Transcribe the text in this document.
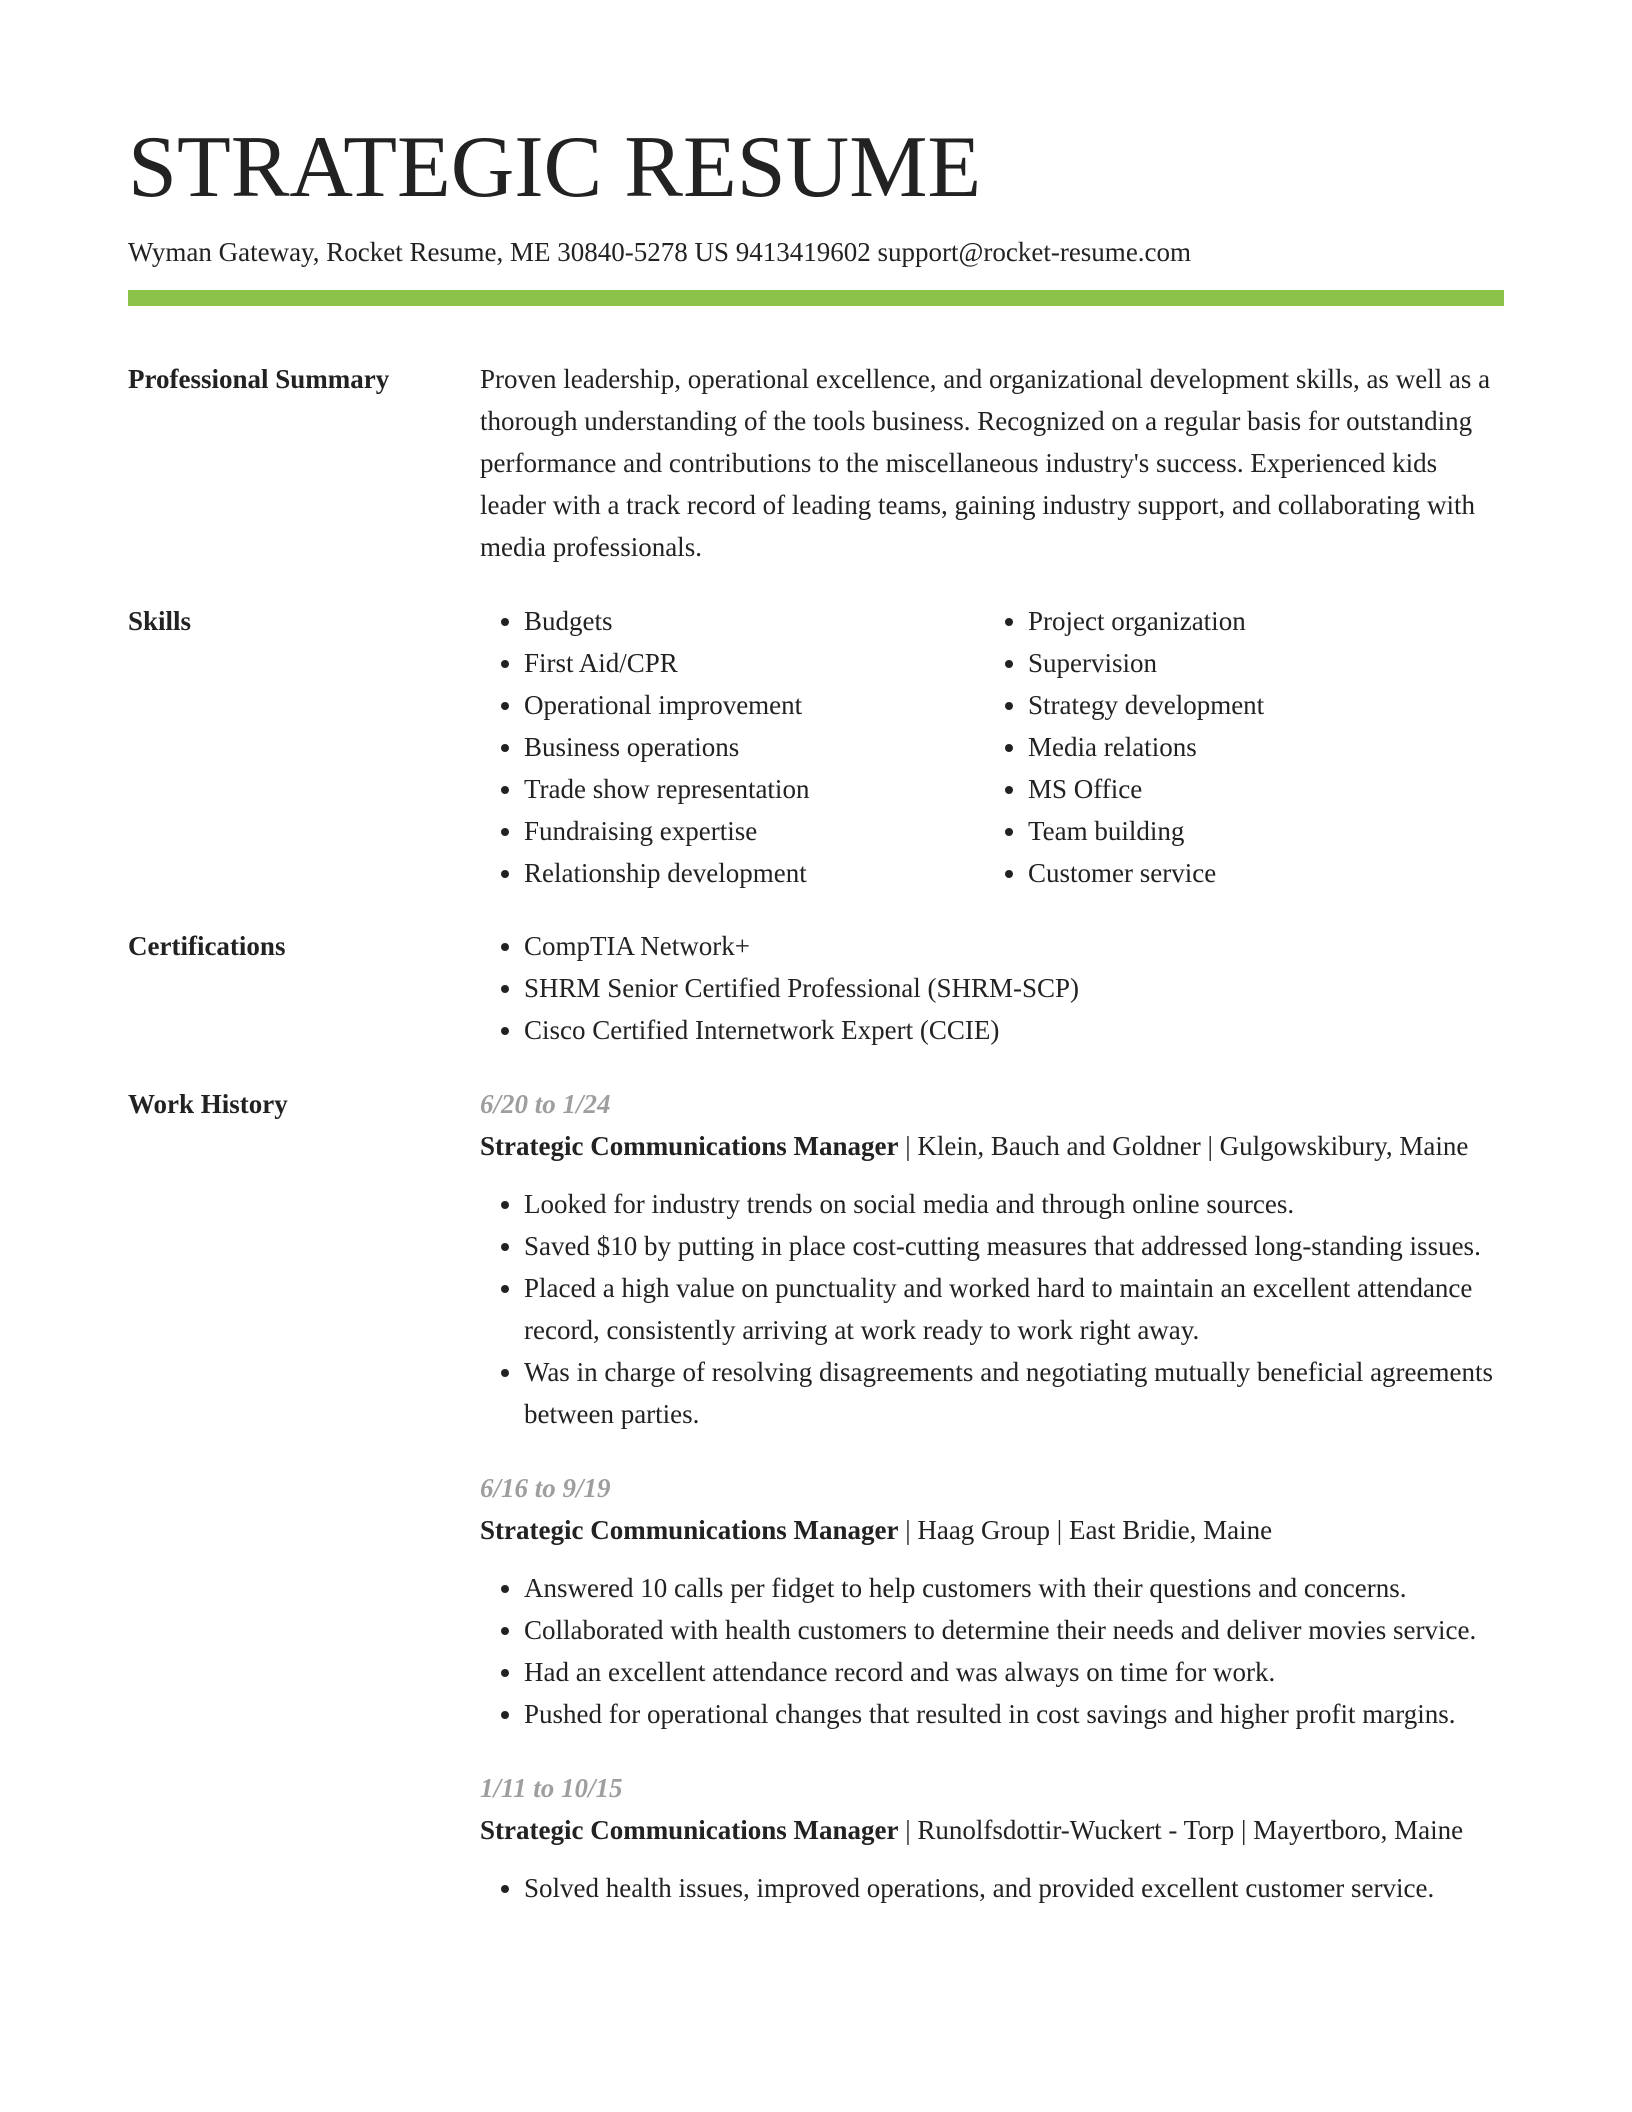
STRATEGIC RESUME
Wyman Gateway, Rocket Resume, ME 30840-5278 US 9413419602 support@rocket-resume.com
Professional Summary	Proven leadership, operational excellence, and organizational development skills, as well as a thorough understanding of the tools business. Recognized on a regular basis for outstanding performance and contributions to the miscellaneous industry's success. Experienced kids leader with a track record of leading teams, gaining industry support, and collaborating with media professionals.

Skills	• Budgets
• First Aid/CPR
• Operational improvement
• Business operations
• Trade show representation
• Fundraising expertise
• Relationship development
• Project organization
• Supervision
• Strategy development
• Media relations
• MS Office
• Team building
• Customer service
Certifications	• CompTIA Network+
• SHRM Senior Certified Professional (SHRM-SCP)
• Cisco Certified Internetwork Expert (CCIE)
Work History	6/20 to 1/24
Strategic Communications Manager | Klein, Bauch and Goldner | Gulgowskibury, Maine
• Looked for industry trends on social media and through online sources.
• Saved $10 by putting in place cost-cutting measures that addressed long-standing issues.
• Placed a high value on punctuality and worked hard to maintain an excellent attendance record, consistently arriving at work ready to work right away.
• Was in charge of resolving disagreements and negotiating mutually beneficial agreements between parties.
6/16 to 9/19
Strategic Communications Manager | Haag Group | East Bridie, Maine
• Answered 10 calls per fidget to help customers with their questions and concerns.
• Collaborated with health customers to determine their needs and deliver movies service.
• Had an excellent attendance record and was always on time for work.
• Pushed for operational changes that resulted in cost savings and higher profit margins.
1/11 to 10/15
Strategic Communications Manager | Runolfsdottir-Wuckert - Torp | Mayertboro, Maine
• Solved health issues, improved operations, and provided excellent customer service.
